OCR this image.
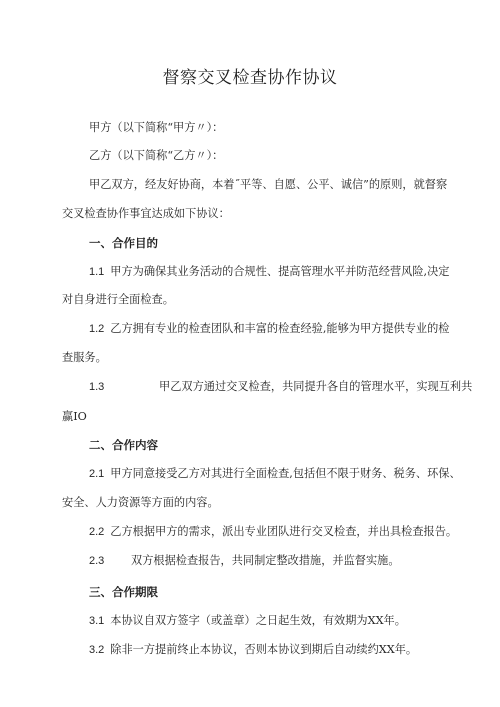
督察交叉检查协作协议
甲方（以下简称“甲方〃）：
乙方（以下简称“乙方〃）：
甲乙双方，经友好协商，本着˝平等、自愿、公平、诚信”的原则，就督察
交叉检查协作事宜达成如下协议：
一、合作目的
1.1 甲方为确保其业务活动的合规性、提高管理水平并防范经营风险,决定
对自身进行全面检查。
1.2 乙方拥有专业的检查团队和丰富的检查经验,能够为甲方提供专业的检
查服务。
1.3	甲乙双方通过交叉检查，共同提升各自的管理水平，实现互利共
赢IO
二、合作内容
2.1 甲方同意接受乙方对其进行全面检查,包括但不限于财务、税务、环保、
安全、人力资源等方面的内容。
2.2 乙方根据甲方的需求，派出专业团队进行交叉检查，并出具检查报告。
2.3 双方根据检查报告，共同制定整改措施，并监督实施。
三、合作期限
3.1 本协议自双方签字（或盖章）之日起生效，有效期为XX年。
3.2 除非一方提前终止本协议，否则本协议到期后自动续约XX年。
